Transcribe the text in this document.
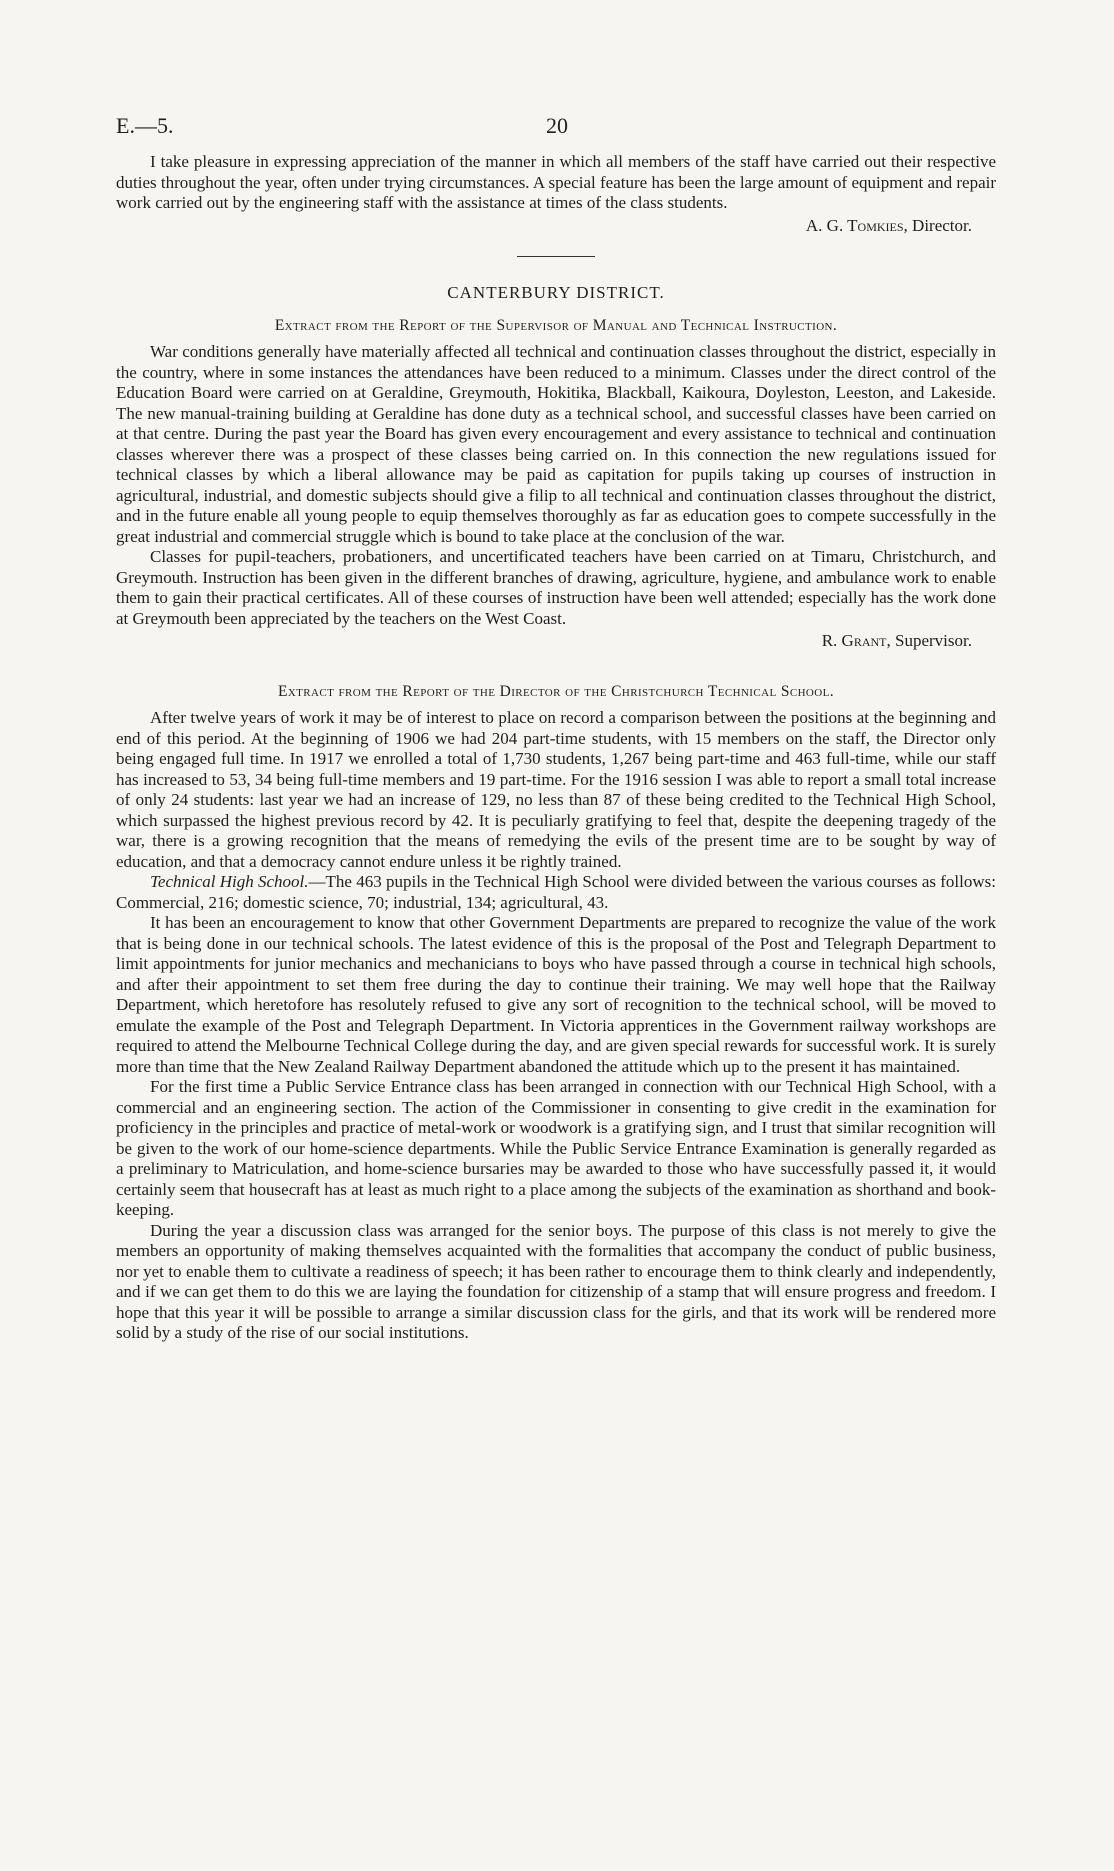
E.—5.	20

I take pleasure in expressing appreciation of the manner in which all members of the staff have carried out their respective duties throughout the year, often under trying circumstances. A special feature has been the large amount of equipment and repair work carried out by the engineering staff with the assistance at times of the class students.

A. G. Tomkies, Director.
CANTERBURY DISTRICT.
Extract from the Report of the Supervisor of Manual and Technical Instruction.

War conditions generally have materially affected all technical and continuation classes throughout the district, especially in the country, where in some instances the attendances have been reduced to a minimum. Classes under the direct control of the Education Board were carried on at Geraldine, Greymouth, Hokitika, Blackball, Kaikoura, Doyleston, Leeston, and Lakeside. The new manual-training building at Geraldine has done duty as a technical school, and successful classes have been carried on at that centre. During the past year the Board has given every encouragement and every assistance to technical and continuation classes wherever there was a prospect of these classes being carried on. In this connection the new regulations issued for technical classes by which a liberal allowance may be paid as capitation for pupils taking up courses of instruction in agricultural, industrial, and domestic subjects should give a filip to all technical and continuation classes throughout the district, and in the future enable all young people to equip themselves thoroughly as far as education goes to compete successfully in the great industrial and commercial struggle which is bound to take place at the conclusion of the war.

Classes for pupil-teachers, probationers, and uncertificated teachers have been carried on at Timaru, Christchurch, and Greymouth. Instruction has been given in the different branches of drawing, agriculture, hygiene, and ambulance work to enable them to gain their practical certificates. All of these courses of instruction have been well attended; especially has the work done at Greymouth been appreciated by the teachers on the West Coast.

R. Grant, Supervisor.
Extract from the Report of the Director of the Christchurch Technical School.

After twelve years of work it may be of interest to place on record a comparison between the positions at the beginning and end of this period. At the beginning of 1906 we had 204 part-time students, with 15 members on the staff, the Director only being engaged full time. In 1917 we enrolled a total of 1,730 students, 1,267 being part-time and 463 full-time, while our staff has increased to 53, 34 being full-time members and 19 part-time. For the 1916 session I was able to report a small total increase of only 24 students: last year we had an increase of 129, no less than 87 of these being credited to the Technical High School, which surpassed the highest previous record by 42. It is peculiarly gratifying to feel that, despite the deepening tragedy of the war, there is a growing recognition that the means of remedying the evils of the present time are to be sought by way of education, and that a democracy cannot endure unless it be rightly trained.

Technical High School.—The 463 pupils in the Technical High School were divided between the various courses as follows: Commercial, 216; domestic science, 70; industrial, 134; agricultural, 43.

It has been an encouragement to know that other Government Departments are prepared to recognize the value of the work that is being done in our technical schools. The latest evidence of this is the proposal of the Post and Telegraph Department to limit appointments for junior mechanics and mechanicians to boys who have passed through a course in technical high schools, and after their appointment to set them free during the day to continue their training. We may well hope that the Railway Department, which heretofore has resolutely refused to give any sort of recognition to the technical school, will be moved to emulate the example of the Post and Telegraph Department. In Victoria apprentices in the Government railway workshops are required to attend the Melbourne Technical College during the day, and are given special rewards for successful work. It is surely more than time that the New Zealand Railway Department abandoned the attitude which up to the present it has maintained.

For the first time a Public Service Entrance class has been arranged in connection with our Technical High School, with a commercial and an engineering section. The action of the Commissioner in consenting to give credit in the examination for proficiency in the principles and practice of metal-work or woodwork is a gratifying sign, and I trust that similar recognition will be given to the work of our home-science departments. While the Public Service Entrance Examination is generally regarded as a preliminary to Matriculation, and home-science bursaries may be awarded to those who have successfully passed it, it would certainly seem that housecraft has at least as much right to a place among the subjects of the examination as shorthand and book-keeping.

During the year a discussion class was arranged for the senior boys. The purpose of this class is not merely to give the members an opportunity of making themselves acquainted with the formalities that accompany the conduct of public business, nor yet to enable them to cultivate a readiness of speech; it has been rather to encourage them to think clearly and independently, and if we can get them to do this we are laying the foundation for citizenship of a stamp that will ensure progress and freedom. I hope that this year it will be possible to arrange a similar discussion class for the girls, and that its work will be rendered more solid by a study of the rise of our social institutions.
